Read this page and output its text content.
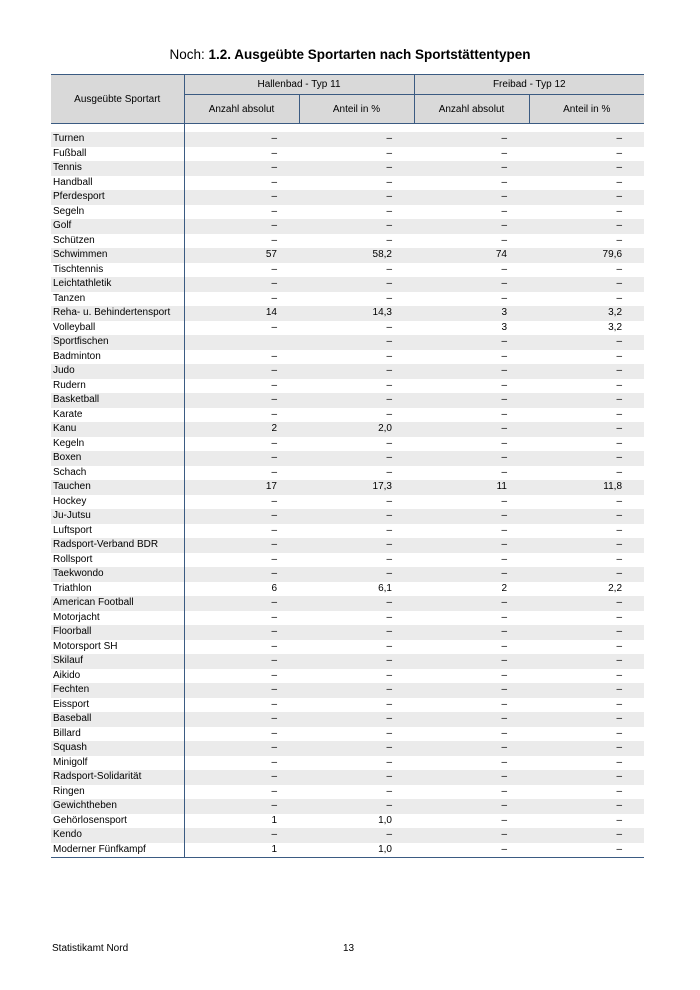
Noch: 1.2. Ausgeübte Sportarten nach Sportstättentypen
Ausgeübte Sportart	Hallenbad - Typ 11		Freibad - Typ 12	
	Anzahl absolut	Anteil in %	Anzahl absolut	Anteil in %

Turnen	–	–	–	–
Fußball	–	–	–	–
Tennis	–	–	–	–
Handball	–	–	–	–
Pferdesport	–	–	–	–
Segeln	–	–	–	–
Golf	–	–	–	–
Schützen	–	–	–	–
Schwimmen	57	58,2	74	79,6
Tischtennis	–	–	–	–
Leichtathletik	–	–	–	–
Tanzen	–	–	–	–
Reha- u. Behindertensport	14	14,3	3	3,2
Volleyball	–	–	3	3,2
Sportfischen		–	–	–
Badminton	–	–	–	–
Judo	–	–	–	–
Rudern	–	–	–	–
Basketball	–	–	–	–
Karate	–	–	–	–
Kanu	2	2,0	–	–
Kegeln	–	–	–	–
Boxen	–	–	–	–
Schach	–	–	–	–
Tauchen	17	17,3	11	11,8
Hockey	–	–	–	–
Ju-Jutsu	–	–	–	–
Luftsport	–	–	–	–
Radsport-Verband BDR	–	–	–	–
Rollsport	–	–	–	–
Taekwondo	–	–	–	–
Triathlon	6	6,1	2	2,2
American Football	–	–	–	–
Motorjacht	–	–	–	–
Floorball	–	–	–	–
Motorsport SH	–	–	–	–
Skilauf	–	–	–	–
Aikido	–	–	–	–
Fechten	–	–	–	–
Eissport	–	–	–	–
Baseball	–	–	–	–
Billard	–	–	–	–
Squash	–	–	–	–
Minigolf	–	–	–	–
Radsport-Solidarität	–	–	–	–
Ringen	–	–	–	–
Gewichtheben	–	–	–	–
Gehörlosensport	1	1,0	–	–
Kendo	–	–	–	–
Moderner Fünfkampf	1	1,0	–	–
Statistikamt Nord	13
